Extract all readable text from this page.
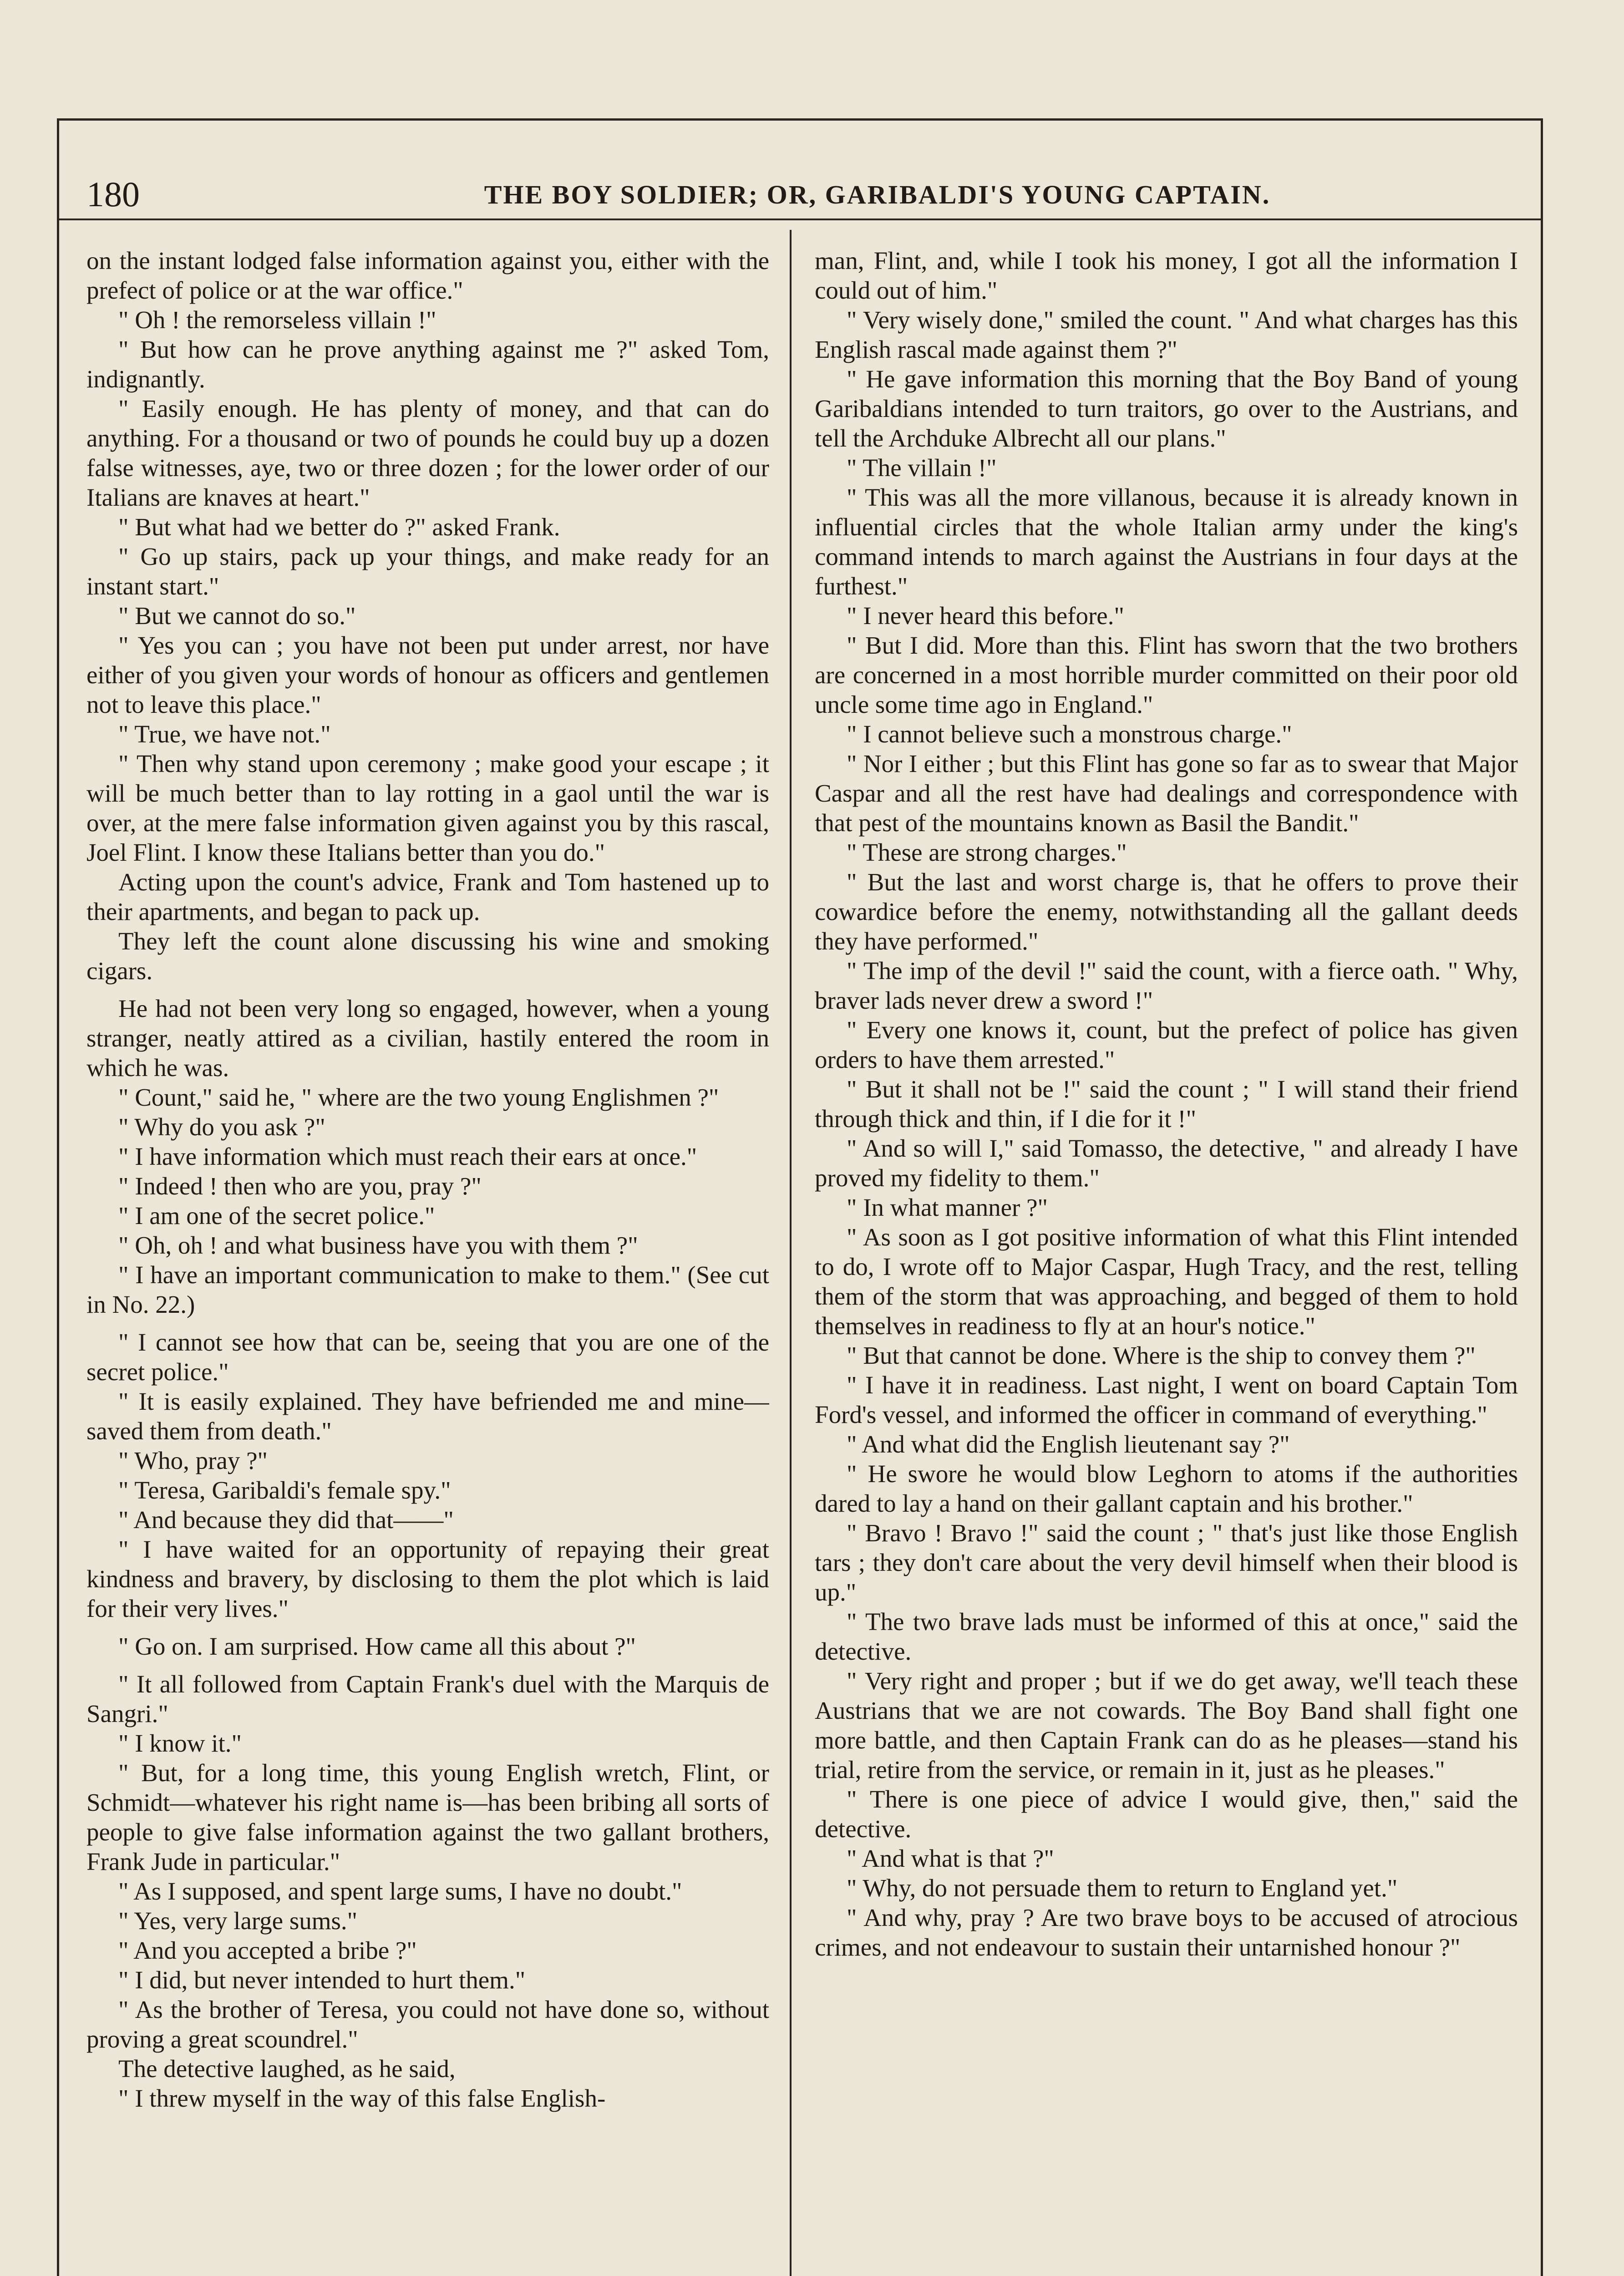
180	THE BOY SOLDIER; OR, GARIBALDI'S YOUNG CAPTAIN.

on the instant lodged false information against you, either with the prefect of police or at the war office."

" Oh ! the remorseless villain !"

" But how can he prove anything against me ?" asked Tom, indignantly.

" Easily enough. He has plenty of money, and that can do anything. For a thousand or two of pounds he could buy up a dozen false witnesses, aye, two or three dozen ; for the lower order of our Italians are knaves at heart."

" But what had we better do ?" asked Frank.

" Go up stairs, pack up your things, and make ready for an instant start."

" But we cannot do so."

" Yes you can ; you have not been put under arrest, nor have either of you given your words of honour as officers and gentlemen not to leave this place."

" True, we have not."

" Then why stand upon ceremony ; make good your escape ; it will be much better than to lay rotting in a gaol until the war is over, at the mere false information given against you by this rascal, Joel Flint. I know these Italians better than you do."

Acting upon the count's advice, Frank and Tom hastened up to their apartments, and began to pack up.

They left the count alone discussing his wine and smoking cigars.

He had not been very long so engaged, however, when a young stranger, neatly attired as a civilian, hastily entered the room in which he was.

" Count," said he, " where are the two young Englishmen ?"

" Why do you ask ?"

" I have information which must reach their ears at once."

" Indeed ! then who are you, pray ?"

" I am one of the secret police."

" Oh, oh ! and what business have you with them ?"

" I have an important communication to make to them." (See cut in No. 22.)

" I cannot see how that can be, seeing that you are one of the secret police."

" It is easily explained. They have befriended me and mine—saved them from death."

" Who, pray ?"

" Teresa, Garibaldi's female spy."

" And because they did that——"

" I have waited for an opportunity of repaying their great kindness and bravery, by disclosing to them the plot which is laid for their very lives."

" Go on. I am surprised. How came all this about ?"

" It all followed from Captain Frank's duel with the Marquis de Sangri."

" I know it."

" But, for a long time, this young English wretch, Flint, or Schmidt—whatever his right name is—has been bribing all sorts of people to give false information against the two gallant brothers, Frank Jude in particular."

" As I supposed, and spent large sums, I have no doubt."

" Yes, very large sums."

" And you accepted a bribe ?"

" I did, but never intended to hurt them."

" As the brother of Teresa, you could not have done so, without proving a great scoundrel."

The detective laughed, as he said,

" I threw myself in the way of this false English-

man, Flint, and, while I took his money, I got all the information I could out of him."

" Very wisely done," smiled the count. " And what charges has this English rascal made against them ?"

" He gave information this morning that the Boy Band of young Garibaldians intended to turn traitors, go over to the Austrians, and tell the Archduke Albrecht all our plans."

" The villain !"

" This was all the more villanous, because it is already known in influential circles that the whole Italian army under the king's command intends to march against the Austrians in four days at the furthest."

" I never heard this before."

" But I did. More than this. Flint has sworn that the two brothers are concerned in a most horrible murder committed on their poor old uncle some time ago in England."

" I cannot believe such a monstrous charge."

" Nor I either ; but this Flint has gone so far as to swear that Major Caspar and all the rest have had dealings and correspondence with that pest of the mountains known as Basil the Bandit."

" These are strong charges."

" But the last and worst charge is, that he offers to prove their cowardice before the enemy, notwithstanding all the gallant deeds they have performed."

" The imp of the devil !" said the count, with a fierce oath. " Why, braver lads never drew a sword !"

" Every one knows it, count, but the prefect of police has given orders to have them arrested."

" But it shall not be !" said the count ; " I will stand their friend through thick and thin, if I die for it !"

" And so will I," said Tomasso, the detective, " and already I have proved my fidelity to them."

" In what manner ?"

" As soon as I got positive information of what this Flint intended to do, I wrote off to Major Caspar, Hugh Tracy, and the rest, telling them of the storm that was approaching, and begged of them to hold themselves in readiness to fly at an hour's notice."

" But that cannot be done. Where is the ship to convey them ?"

" I have it in readiness. Last night, I went on board Captain Tom Ford's vessel, and informed the officer in command of everything."

" And what did the English lieutenant say ?"

" He swore he would blow Leghorn to atoms if the authorities dared to lay a hand on their gallant captain and his brother."

" Bravo ! Bravo !" said the count ; " that's just like those English tars ; they don't care about the very devil himself when their blood is up."

" The two brave lads must be informed of this at once," said the detective.

" Very right and proper ; but if we do get away, we'll teach these Austrians that we are not cowards. The Boy Band shall fight one more battle, and then Captain Frank can do as he pleases—stand his trial, retire from the service, or remain in it, just as he pleases."

" There is one piece of advice I would give, then," said the detective.

" And what is that ?"

" Why, do not persuade them to return to England yet."

" And why, pray ? Are two brave boys to be accused of atrocious crimes, and not endeavour to sustain their untarnished honour ?"
